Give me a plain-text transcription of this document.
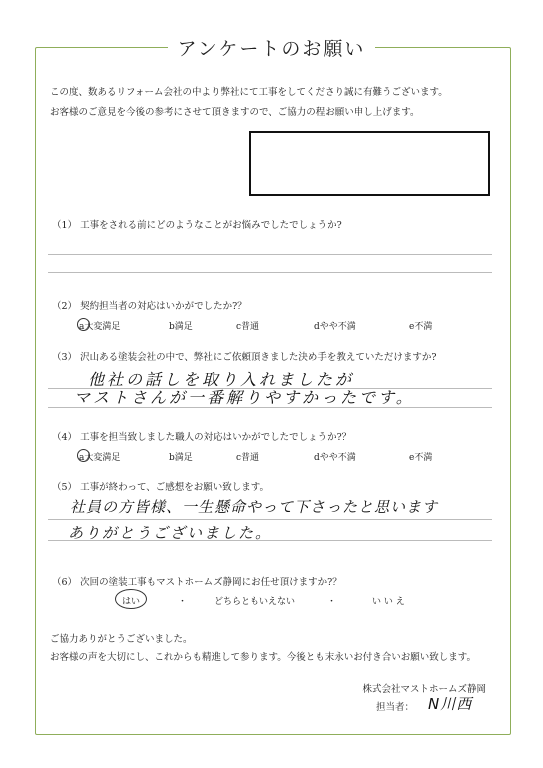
アンケートのお願い
この度、数あるリフォーム会社の中より弊社にて工事をしてくださり誠に有難うございます。
お客様のご意見を今後の参考にさせて頂きますので、ご協力の程お願い申し上げます。
（1） 工事をされる前にどのようなことがお悩みでしたでしょうか?
（2） 契約担当者の対応はいかがでしたか?？
a大変満足	b満足	c普通	dやや不満	e不満
（3） 沢山ある塗装会社の中で、弊社にご依頼頂きました決め手を教えていただけますか?
他社の話しを取り入れましたが
マストさんが一番解りやすかったです。
（4） 工事を担当致しました職人の対応はいかがでしたでしょうか?？
a大変満足	b満足	c普通	dやや不満	e不満
（5） 工事が終わって、ご感想をお願い致します。
社員の方皆様、一生懸命やって下さったと思います
ありがとうございました。
（6） 次回の塗装工事もマストホームズ静岡にお任せ頂けますか?？
はい	・	どちらともいえない	・	い い え
ご協力ありがとうございました。
お客様の声を大切にし、これからも精進して参ります。今後とも末永いお付き合いお願い致します。
株式会社マストホームズ静岡
担当者： N川西
